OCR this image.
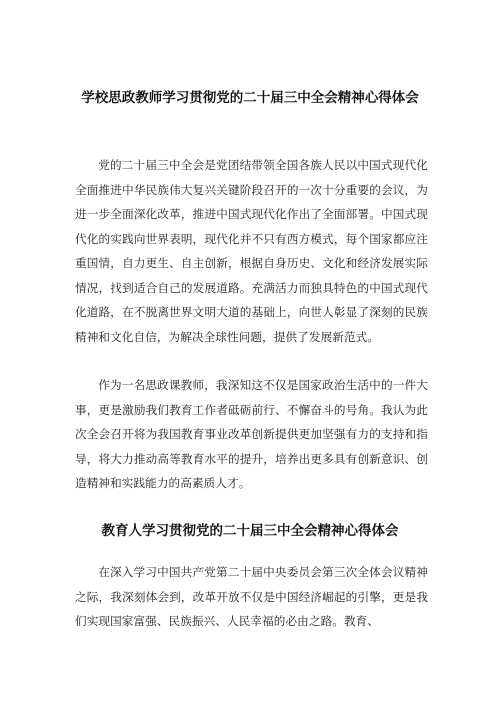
学校思政教师学习贯彻党的二十届三中全会精神心得体会

党的二十届三中全会是党团结带领全国各族人民以中国式现代化全面推进中华民族伟大复兴关键阶段召开的一次十分重要的会议，为进一步全面深化改革，推进中国式现代化作出了全面部署。中国式现代化的实践向世界表明，现代化并不只有西方模式，每个国家都应注重国情，自力更生、自主创新，根据自身历史、文化和经济发展实际情况，找到适合自己的发展道路。充满活力而独具特色的中国式现代化道路，在不脱离世界文明大道的基础上，向世人彰显了深刻的民族精神和文化自信，为解决全球性问题，提供了发展新范式。

作为一名思政课教师，我深知这不仅是国家政治生活中的一件大事，更是激励我们教育工作者砥砺前行、不懈奋斗的号角。我认为此次全会召开将为我国教育事业改革创新提供更加坚强有力的支持和指导，将大力推动高等教育水平的提升，培养出更多具有创新意识、创造精神和实践能力的高素质人才。

教育人学习贯彻党的二十届三中全会精神心得体会

在深入学习中国共产党第二十届中央委员会第三次全体会议精神之际，我深刻体会到，改革开放不仅是中国经济崛起的引擎，更是我们实现国家富强、民族振兴、人民幸福的必由之路。教育、
